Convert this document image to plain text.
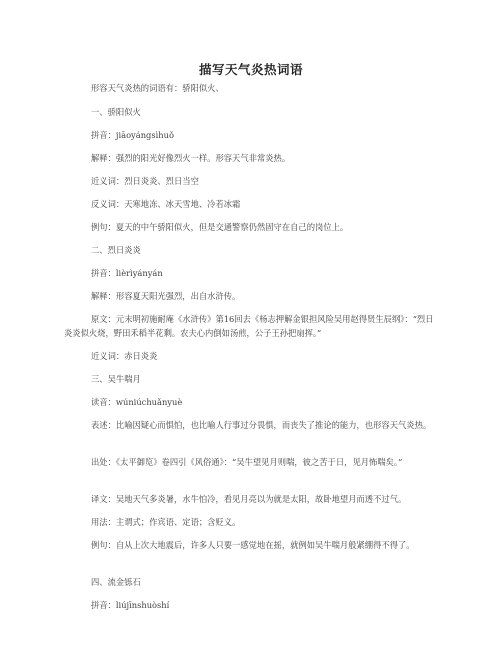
描写天气炎热词语
形容天气炎热的词语有：骄阳似火、
一、骄阳似火
拼音：jiāoyángsìhuǒ
解释：强烈的阳光好像烈火一样。形容天气非常炎热。
近义词：烈日炎炎、烈日当空
反义词：天寒地冻、冰天雪地、冷若冰霜
例句：夏天的中午骄阳似火，但是交通警察仍然固守在自己的岗位上。
二、烈日炎炎
拼音：lièrìyányán
解释：形容夏天阳光强烈，出自水浒传。
原文：元末明初施耐庵《水浒传》第16回去《杨志押解金银担风险吴用赵得贤生辰纲》：“烈日炎炎似火烧，野田禾稻半花剩。农夫心内倒如汤煎，公子王孙把扇挥。”
近义词：赤日炎炎
三、吴牛喘月
读音：wúniúchuǎnyuè
表述：比喻因疑心而惧怕，也比喻人行事过分畏惧，而丧失了推论的能力，也形容天气炎热。
出处：《太平御览》卷四引《风俗通》：“吴牛望见月则喘，彼之苦于日，见月怖喘矣。”
译文：吴地天气多炎暑，水牛怕冷，看见月亮以为就是太阳，故卧地望月而透不过气。
用法：主谓式；作宾语、定语；含贬义。
例句：自从上次大地震后，许多人只要一感觉地在摇，就例如吴牛喘月般紧绷得不得了。
四、流金铄石
拼音：liújīnshuòshí
